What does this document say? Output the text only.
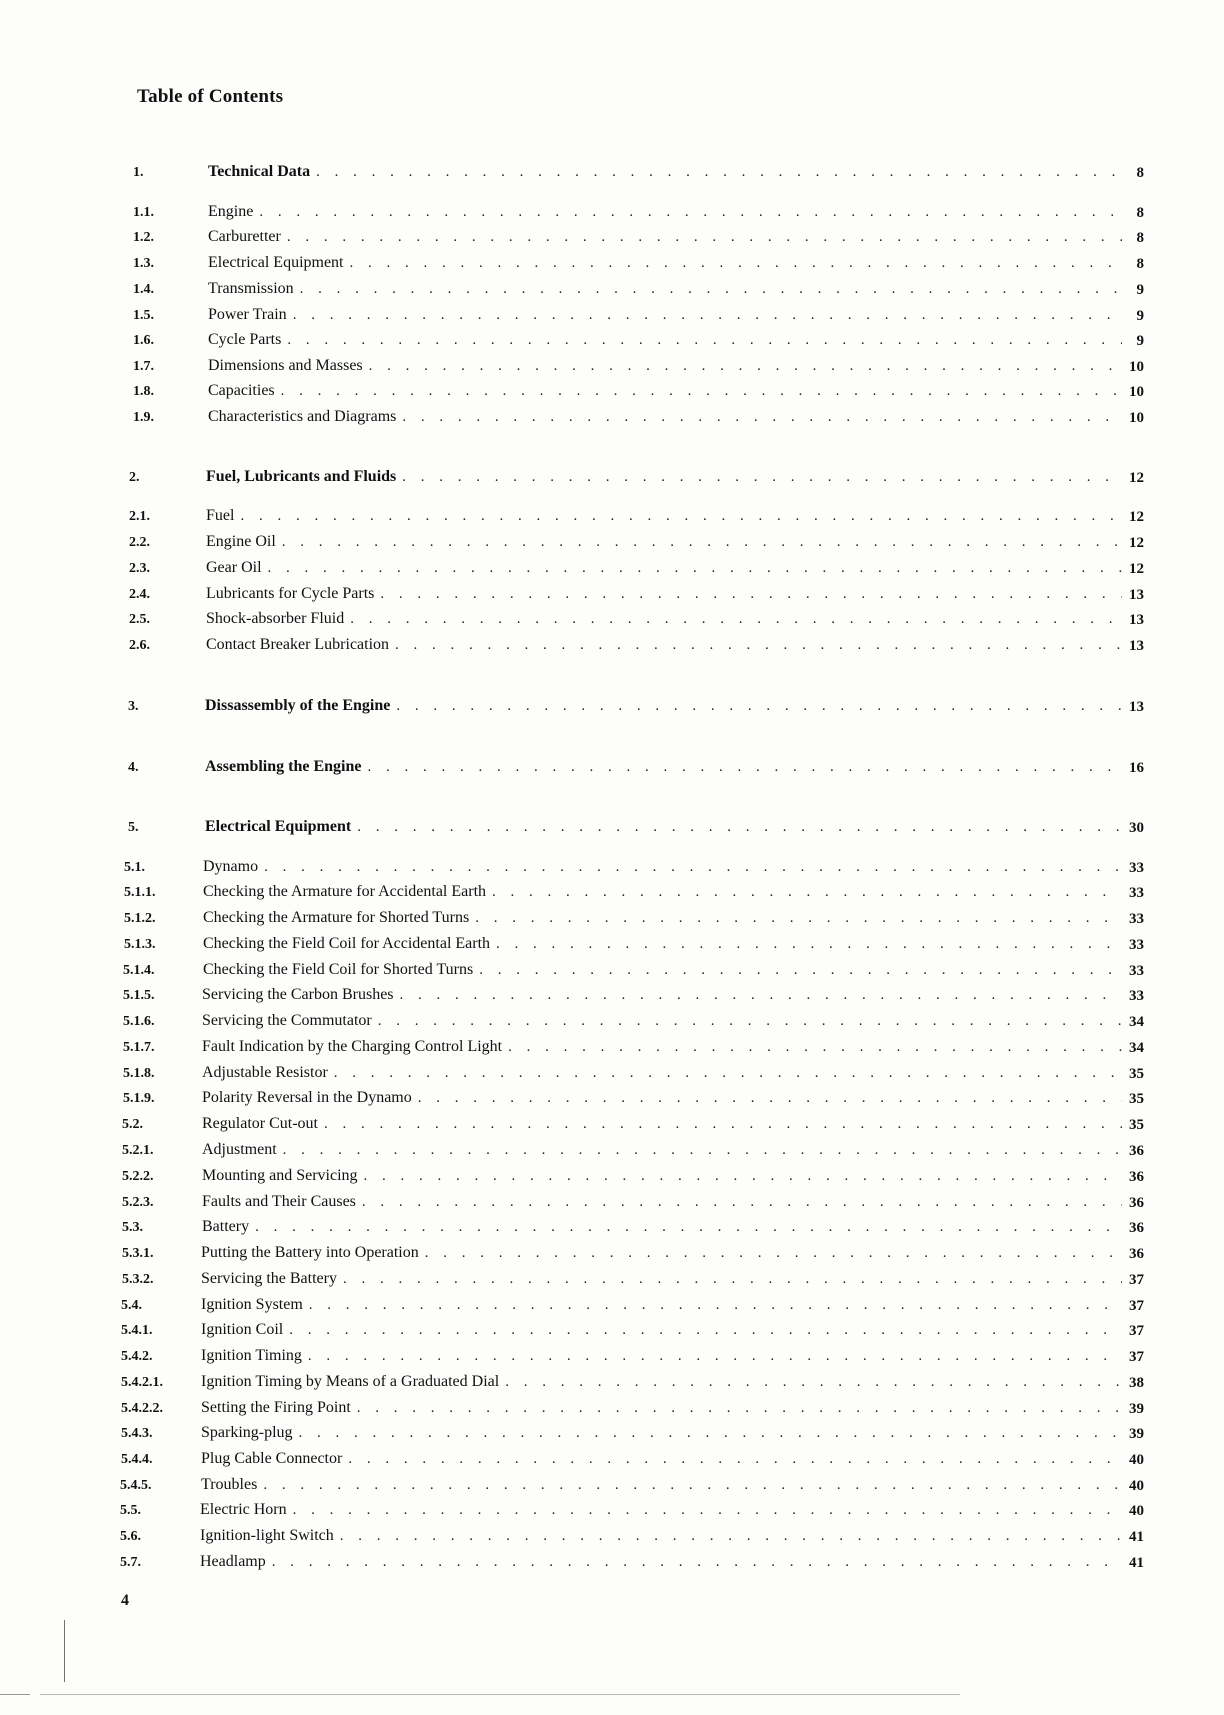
Table of Contents
1.	Technical Data . . .	8
1.1.	Engine . . .	8
1.2.	Carburetter . . .	8
1.3.	Electrical Equipment . . .	8
1.4.	Transmission . . .	9
1.5.	Power Train . . .	9
1.6.	Cycle Parts . . .	9
1.7.	Dimensions and Masses . . .	10
1.8.	Capacities . . .	10
1.9.	Characteristics and Diagrams . . .	10
2.	Fuel, Lubricants and Fluids . . .	12
2.1.	Fuel . . .	12
2.2.	Engine Oil . . .	12
2.3.	Gear Oil . . .	12
2.4.	Lubricants for Cycle Parts . . .	13
2.5.	Shock-absorber Fluid . . .	13
2.6.	Contact Breaker Lubrication . . .	13
3.	Dissassembly of the Engine . . .	13
4.	Assembling the Engine . . .	16
5.	Electrical Equipment . . .	30
5.1.	Dynamo . . .	33
5.1.1.	Checking the Armature for Accidental Earth . . .	33
5.1.2.	Checking the Armature for Shorted Turns . . .	33
5.1.3.	Checking the Field Coil for Accidental Earth . . .	33
5.1.4.	Checking the Field Coil for Shorted Turns . . .	33
5.1.5.	Servicing the Carbon Brushes . . .	33
5.1.6.	Servicing the Commutator . . .	34
5.1.7.	Fault Indication by the Charging Control Light . . .	34
5.1.8.	Adjustable Resistor . . .	35
5.1.9.	Polarity Reversal in the Dynamo . . .	35
5.2.	Regulator Cut-out . . .	35
5.2.1.	Adjustment . . .	36
5.2.2.	Mounting and Servicing . . .	36
5.2.3.	Faults and Their Causes . . .	36
5.3.	Battery . . .	36
5.3.1.	Putting the Battery into Operation . . .	36
5.3.2.	Servicing the Battery . . .	37
5.4.	Ignition System . . .	37
5.4.1.	Ignition Coil . . .	37
5.4.2.	Ignition Timing . . .	37
5.4.2.1. Ignition Timing by Means of a Graduated Dial . . .	38
5.4.2.2. Setting the Firing Point . . .	39
5.4.3.	Sparking-plug . . .	39
5.4.4.	Plug Cable Connector . . .	40
5.4.5.	Troubles . . .	40
5.5.	Electric Horn . . .	40
5.6.	Ignition-light Switch . . .	41
5.7.	Headlamp . . .	41
4
